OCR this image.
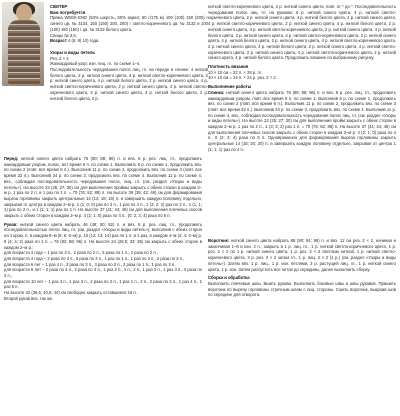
СВИТЕР
Вам потребуется
Пряжа WEEK-END (53% шерсть, 50% акрил; 50 г/175 м) 100 (100) 150 (200) г синего цв. № 3134, 150 (150) 200, 200) г светло-коричневого цв. № 3132 и 100 (100) 150 (150) г цв. № 3133 белого цвета.
Спицы № 3,5.
Возраст 4 (6; 8) 10) года.
Узоры и виды петель
Рез. 2 × 2
Жаккардовый узор: изн. лиц. гл. по схеме 1–4.
Последовательность чередования полос лиц. гл. на переде и спинке: 4 ниткой белого цвета, 2 р. ниткой синего цвета, 4 р. ниткой светло-коричневого цвета, 2 р. ниткой синего цвета, 4 р. ниткой белого цвета, 2 р. ниткой синего цвета, 4 р. ниткой светло-коричневого цвета, 2 р. ниткой синего цвета, 4 р. ниткой светло-коричневого цвета, 2 р. ниткой синего цвета, 4 р. ниткой белого цвета, 2 р. ниткой белого цвета, 2 р.
Перед: ниткой синего цвета набрать 76 (90; 88; 96) п. и вяз. 6 р. рез. лиц. гл., продолжить жаккардовым узором, полос, вот время 6 п. по схеме 1. Выполнить 6 р. по схеме 1, продолжить вяз. по схеме 2 (повт. вся время 8 п.). Выполнив 11 р. по схеме 2, продолжить вяз. по схеме 3 (повт. все время 32 п.). Выполнив 34 р. по схеме 3, продолжить вяз. по схеме 4. Выполнив 11 р. по схеме 4, вяз., соблюдая последовательность чередования полос, лиц. гл. (см. раздел «Узоры и виды петель»). На высоте 23 (25; 27; 30) см для выполнения проймы закрыть с обеих сторон в каждом 2–м р. 1 раз по 2 п. и 1 раз по 1 п. = 70 (76; 82; 88) п. На высоте 39 (39; 42; 46) см для формирования выреза горловины закрыть центральные 14 (14; 18; 18) п. и завершить каждую половину отдельно, закрывая от центра в каждом 2–м р. 1 (1; 0; 0) раз по 3 п., 1 раз по 4 п., 1 (3; 2; 2) раз по 3 п., 1 (1; 1; 1) раз по 2 п., и 1 (1; 1; 1) раз по 1 п. На высоте 37 (41; 44; 48) см для выполнения плечевых скосов закрыть с обеих сторон в каждом 2–м р. 4 (2; 1; 0) раза по 4 п., (0; 2; 3; 4) раза по 5 п.
Рукав: ниткой синего цвета набрать 46 (48; 50; 52) п. и вяз. 6 р. рез. лиц. гл., продолжить последовательностью полос лиц. гл. (см. раздел «Узоры и виды петель»), выполнив с обеих сторон на 1 кром. п. в каждом 8–м (6; 6; 6–м) р. 10 (12; 13; 14) раз по 1 п. и 1 раз, в каждом 4–м (4; 4; 4–м) р. 8 (4; 4; 2) раза по 1 п. = 76 (82; 88; 96) п. На высоте 24 (28,5; 33; 35) см закрыть с обеих сторон в каждом 2–м р.:
для возраста 4 года – 1 раз по 3 п., 2 раза по 2 п., 3 раза по 1 п., 2 раза по 2 п.,
для возраста 4 года – 2 раза по 3 п., 3 раза по 2 п., 1 раз по 1 п., 1 раз по 2 п., 2 раза по 3 п.,
для возраста 6 лет – 1 раз 4 п., 3 раза по 3 п., 3 раза по 2 п., 2 раза по 1 п., 1 раз по 2 п.,
для возраста 8 лет – 2 раза по 4 п., 2 раза по 3 п., 1 раз 2 п., 1 п., 2 п., 1 раз 2 п., 1 раз 3 п., 3 раза по 3 п.,
для возраста 10 лет – 1 раз 4 п., 1 раз 3 п., 2 раза по 2 п., 1 раз 1 п., 2 п., 2 раза по 3 п., 1 раз 4 п., 1 раз 5 п.
На высоте 32 (36,5; 40,5; 44) см свободно закрыть оставшиеся 16 п.
Второй рукав вяз. так же.
ниткой светло-коричневого цвета, 2 р. ниткой синего цвета, повт. от * до *. Последовательность чередования полос лиц. гл. на рукавах: 6 р. ниткой синего цвета, 4 р. ниткой светло-коричневого цвета, 2 р. ниткой синего цвета, 4 р. ниткой белого цвета, 2 р. ниткой синего цвета, 4 р. ниткой светло-коричневого цвета, 2 р. ниткой синего цвета, 4 р. ниткой белого цвета, 2 р. ниткой синего цвета, 4 р. ниткой светло-коричневого цвета, 2 р. ниткой синего цвета, 4 р. ниткой белого цвета, 2 р. ниткой синего цвета, 4 р. ниткой светло-коричневого цвета, 2 р. ниткой синего цвета, 4 р. ниткой белого цвета, 2 р. ниткой синего цвета, 4 р. ниткой светло-коричневого цвета, 2 р. ниткой синего цвета, 4 р. ниткой белого цвета, 2 р. ниткой синего цвета, 4 р. ниткой светло-коричневого цвета, 2 р. ниткой синего цвета, 4 р. ниткой светло-коричневого цвета, 2 р. ниткой синего цвета, 4 р. ниткой белого цвета. Продолжить вязание по выбранному рисунку.
Плотность вязания
10 × 10 см = 22 п. × 28 р. гл.
10 × 10 см = 24 п. × 24 р. рез. 2 × 2.
Выполнение работы
Спинка: ниткой синего цвета набрать 76 (88; 88; 96) п. и вяз. 6 р. рез. лиц. гл., продолжить жаккардовым узором, повт. все время 6 п. по схеме 1. Выполнив 6 р. по схеме 1, продолжить вяз. по схеме 2 (повт. все время 8 п.). Выполнив 11 р. по схеме 2, продолжить вяз. по схеме 3 (повт. все время 32 п.). Выполнив 34 р. по схеме 3, продолжить вяз. по схеме 4. Выполнив 11 р. по схеме 4, вяз., соблюдая последовательность чередования полос лиц. гл. (см. раздел «Узоры и виды петель»). На высоте 23 (25; 27; 30) см для выполнения пройм закрыть с обеих сторон в каждом 2–м р. 1 раз по 2 п., 1 (3; 3; 2) раз 1 п. = 70 (76; 82; 88) п. На высоте 37 (41; 44; 48) см для выполнения плечевых скосов закрыть с обеих сторон в каждом 2–м р. 4 (2; 1; 0) раза по 4 п., 0 (2; 3; 4) раза по 5 п. Одновременно для формирования выреза горловины закрыть центральные 14 (18; 20; 20) п. и завершить каждую половину отдельно, закрывая от центра 1 (1; 1; 1) раз по 4 п.
Воротник: ниткой синего цвета набрать 88 (90; 94; 98) п. и вяз. 12 см рез. 2 × 2, начиная и заканчивая 1–й и изн. 2 п., закрыть в 1 р. лиц. гл., 1 р. ниткой светло-коричневого цвета, 1 р. рез. 2 × 2 по 1 р. ниткой синего цвета, 1 р. рез. 2 × 2 светлым ниткой, 1 р. ниткой светло-коричневого цвета, 3 р. рез. 2 × 2 затем гл., 1 р. лиц. 2 × 2 (1 р.) (см. раздел «Узоры и виды петель»). Затем вяз. 1 р. лиц., 1 р. изн. петлями, 3 р. растущей лиц. гл., 1 р. ниткой синего цвета, 1 р. изн. Затем распустить все петли до середины, далее выполнить сборку.
Сборка и обработка
Выполнить плечевые швы. Вшить рукава. Выполнить боковые швы и швы рукавов. Пришить воротник по вырезу горловины строчным швом с лиц. стороны. Сшить воротник, выкроив шов по середине для отворота.
